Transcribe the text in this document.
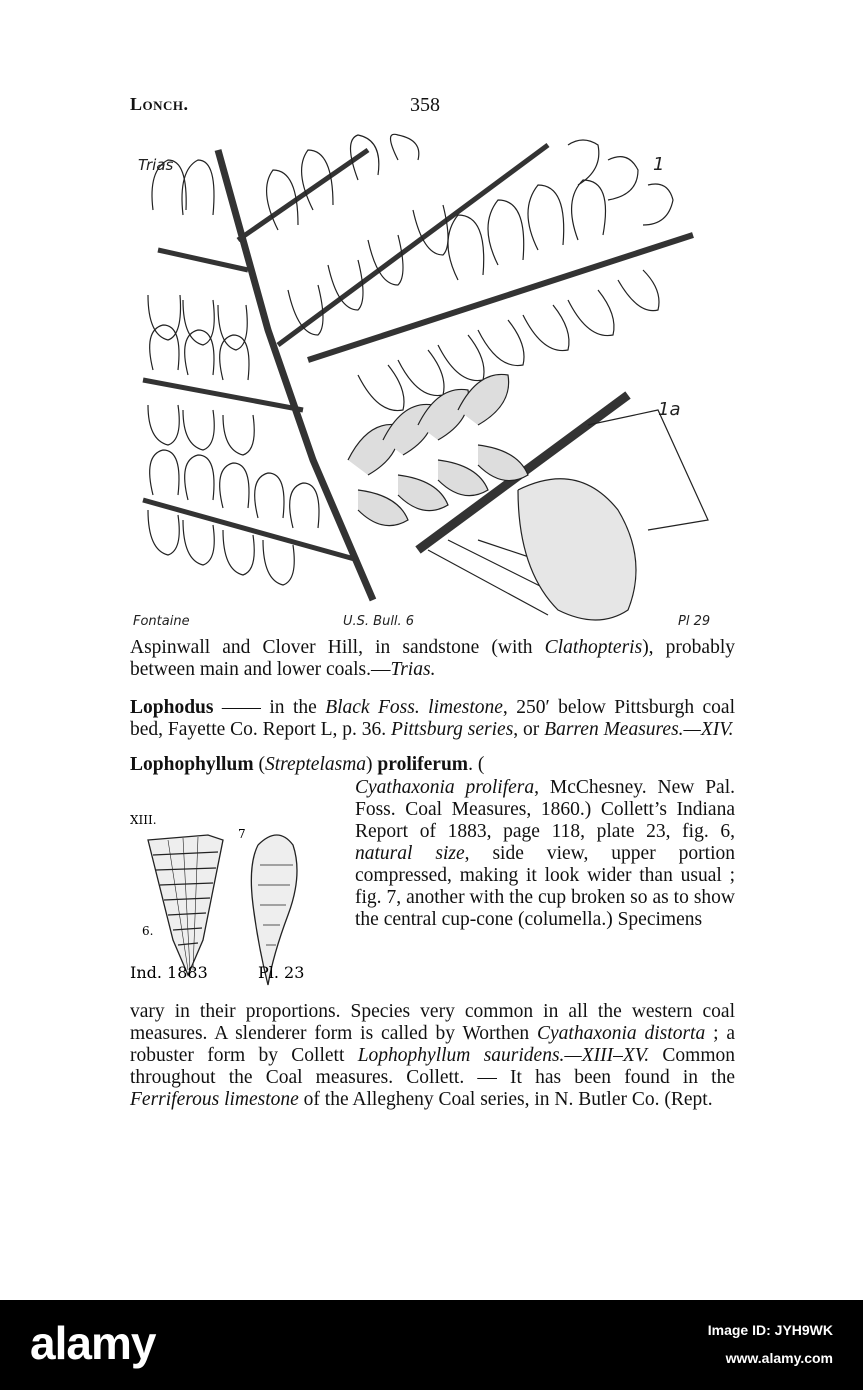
Lonch.	358
Trias	1
1a
Fontaine	U.S. Bull. 6	Pl 29
Aspinwall and Clover Hill, in sandstone (with Clathopteris), probably between main and lower coals.—Trias.
Lophodus —— in the Black Foss. limestone, 250′ below Pittsburgh coal bed, Fayette Co. Report L, p. 36. Pittsburg series, or Barren Measures.—XIV.
Lophophyllum (Streptelasma) proliferum. (
XIII.
7
6.
Ind. 1883	Pl. 23
Cyathaxonia prolifera, McChesney. New Pal. Foss. Coal Measures, 1860.) Collett’s Indiana Report of 1883, page 118, plate 23, fig. 6, natural size, side view, upper portion compressed, making it look wider than usual ; fig. 7, another with the cup broken so as to show the central cup-cone (columella.) Specimens
vary in their proportions. Species very common in all the western coal measures. A slenderer form is called by Worthen Cyathaxonia distorta ; a robuster form by Collett Lophophyllum sauridens.—XIII–XV. Common throughout the Coal measures. Collett. — It has been found in the Ferriferous limestone of the Allegheny Coal series, in N. Butler Co. (Rept.
alamy	Image ID: JYH9WK
www.alamy.com
